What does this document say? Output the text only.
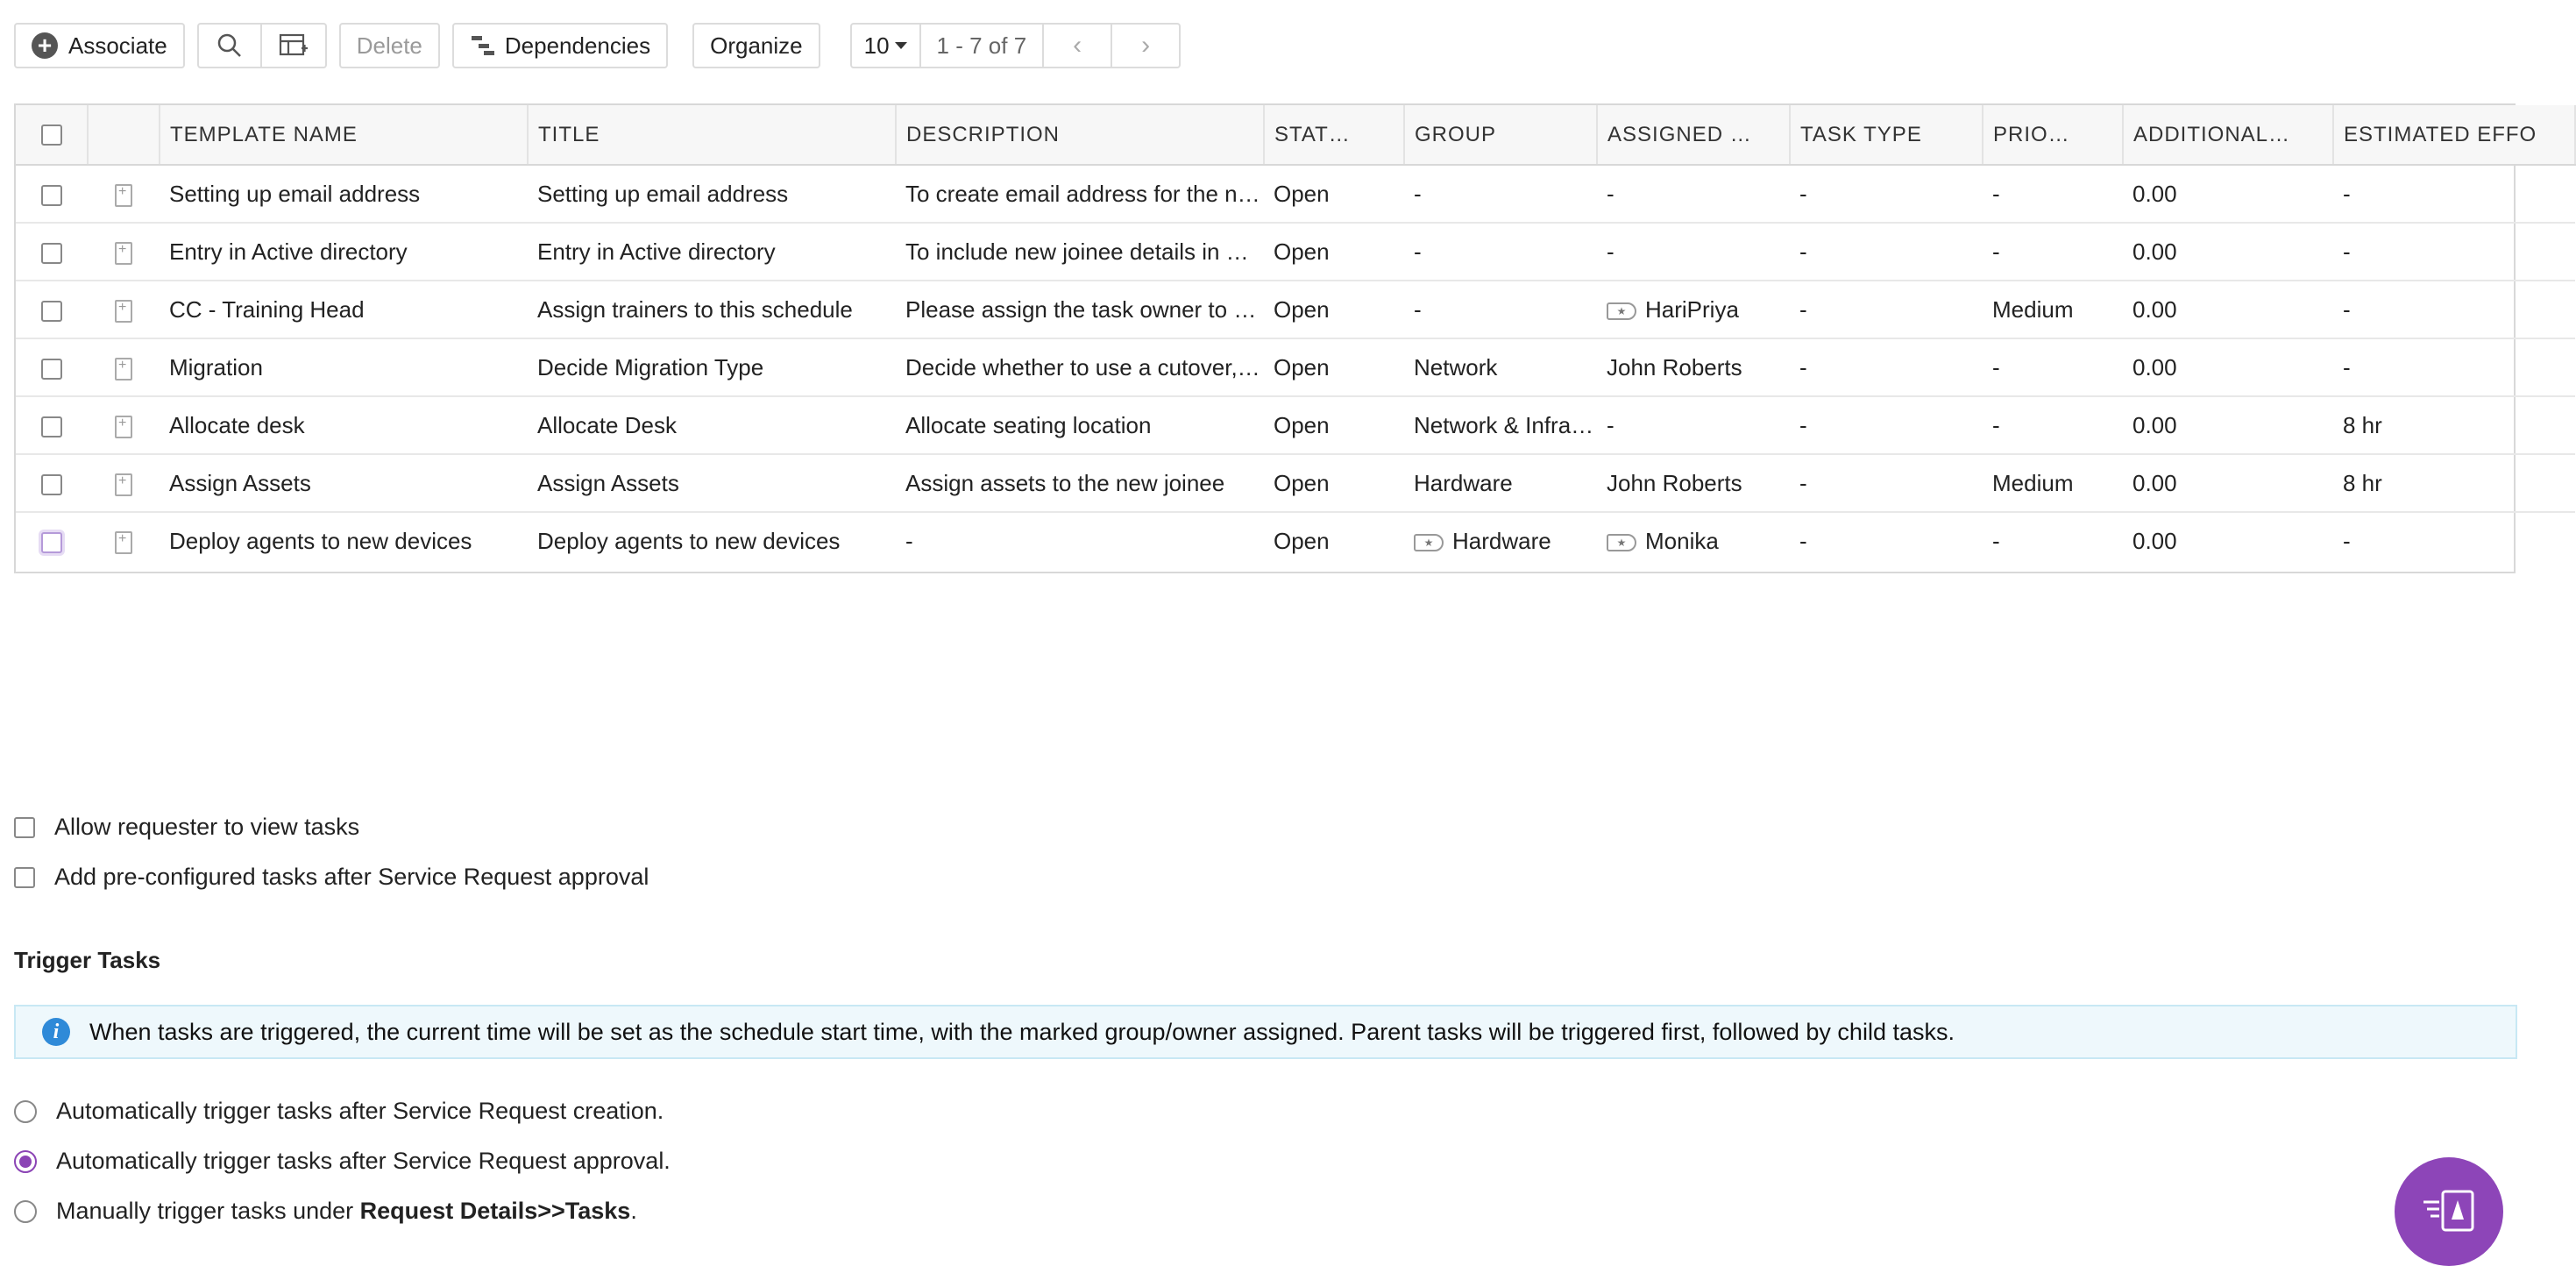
+ Associate	Delete	Dependencies	Organize	10	1 - 7 of 7	‹ ›
		TEMPLATE NAME	TITLE	DESCRIPTION	STAT…	GROUP	ASSIGNED …	TASK TYPE	PRIO…	ADDITIONAL…	ESTIMATED EFFO
	+	Setting up email address	Setting up email address	To create email address for the n…	Open	-	-	-	-	0.00	-
	+	Entry in Active directory	Entry in Active directory	To include new joinee details in …	Open	-	-	-	-	0.00	-
	+	CC - Training Head	Assign trainers to this schedule	Please assign the task owner to …	Open	-	★ HariPriya	-	Medium	0.00	-
	+	Migration	Decide Migration Type	Decide whether to use a cutover,…	Open	Network	John Roberts	-	-	0.00	-
	+	Allocate desk	Allocate Desk	Allocate seating location	Open	Network & Infra…	-	-	-	0.00	8 hr
	+	Assign Assets	Assign Assets	Assign assets to the new joinee	Open	Hardware	John Roberts	-	Medium	0.00	8 hr
	+	Deploy agents to new devices	Deploy agents to new devices	-	Open	★ Hardware	★ Monika	-	-	0.00	-
Allow requester to view tasks
Add pre-configured tasks after Service Request approval
Trigger Tasks
i	When tasks are triggered, the current time will be set as the schedule start time, with the marked group/owner assigned. Parent tasks will be triggered first, followed by child tasks.
Automatically trigger tasks after Service Request creation.
Automatically trigger tasks after Service Request approval.
Manually trigger tasks under Request Details>>Tasks.
